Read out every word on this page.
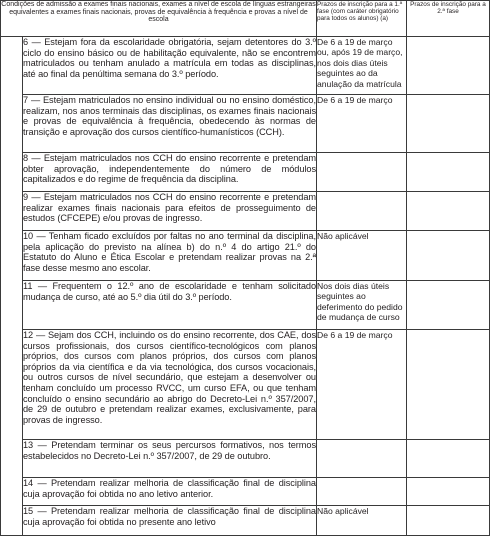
Condições de admissão a exames finais nacionais, exames a nível de escola de línguas estrangeiras equivalentes a exames finais nacionais, provas de equivalência à frequência e provas a nível de escola		Prazos de inscrição para a 1.ª fase (com caráter obrigatório para todos os alunos) (a)	Prazos de inscrição para a 2.ª fase
	6 — Estejam fora da escolaridade obrigatória, sejam detentores do 3.º ciclo do ensino básico ou de habilitação equivalente, não se encontrem matriculados ou tenham anulado a matrícula em todas as disciplinas, até ao final da penúltima semana do 3.º período.	De 6 a 19 de março ou, após 19 de março, nos dois dias úteis seguintes ao da anulação da matrícula	
	7 — Estejam matriculados no ensino individual ou no ensino doméstico, realizam, nos anos terminais das disciplinas, os exames finais nacionais e provas de equivalência à frequência, obedecendo às normas de transição e aprovação dos cursos científico-humanísticos (CCH).	De 6 a 19 de março	
	8 — Estejam matriculados nos CCH do ensino recorrente e pretendam obter aprovação, independentemente do número de módulos capitalizados e do regime de frequência da disciplina.		
	9 — Estejam matriculados nos CCH do ensino recorrente e pretendam realizar exames finais nacionais para efeitos de prosseguimento de estudos (CFCEPE) e/ou provas de ingresso.		
	10 — Tenham ficado excluídos por faltas no ano terminal da disciplina, pela aplicação do previsto na alínea b) do n.º 4 do artigo 21.º do Estatuto do Aluno e Ética Escolar e pretendam realizar provas na 2.ª fase desse mesmo ano escolar.	Não aplicável	
	11 — Frequentem o 12.º ano de escolaridade e tenham solicitado mudança de curso, até ao 5.º dia útil do 3.º período.	Nos dois dias úteis seguintes ao deferimento do pedido de mudança de curso	
	12 — Sejam dos CCH, incluindo os do ensino recorrente, dos CAE, dos cursos profissionais, dos cursos científico-tecnológicos com planos próprios, dos cursos com planos próprios, dos cursos com planos próprios da via científica e da via tecnológica, dos cursos vocacionais, ou outros cursos de nível secundário, que estejam a desenvolver ou tenham concluído um processo RVCC, um curso EFA, ou que tenham concluído o ensino secundário ao abrigo do Decreto-Lei n.º 357/2007, de 29 de outubro e pretendam realizar exames, exclusivamente, para provas de ingresso.	De 6 a 19 de março	
	13 — Pretendam terminar os seus percursos formativos, nos termos estabelecidos no Decreto-Lei n.º 357/2007, de 29 de outubro.		
	14 — Pretendam realizar melhoria de classificação final de disciplina cuja aprovação foi obtida no ano letivo anterior.		
	15 — Pretendam realizar melhoria de classificação final de disciplina cuja aprovação foi obtida no presente ano letivo	Não aplicável	
